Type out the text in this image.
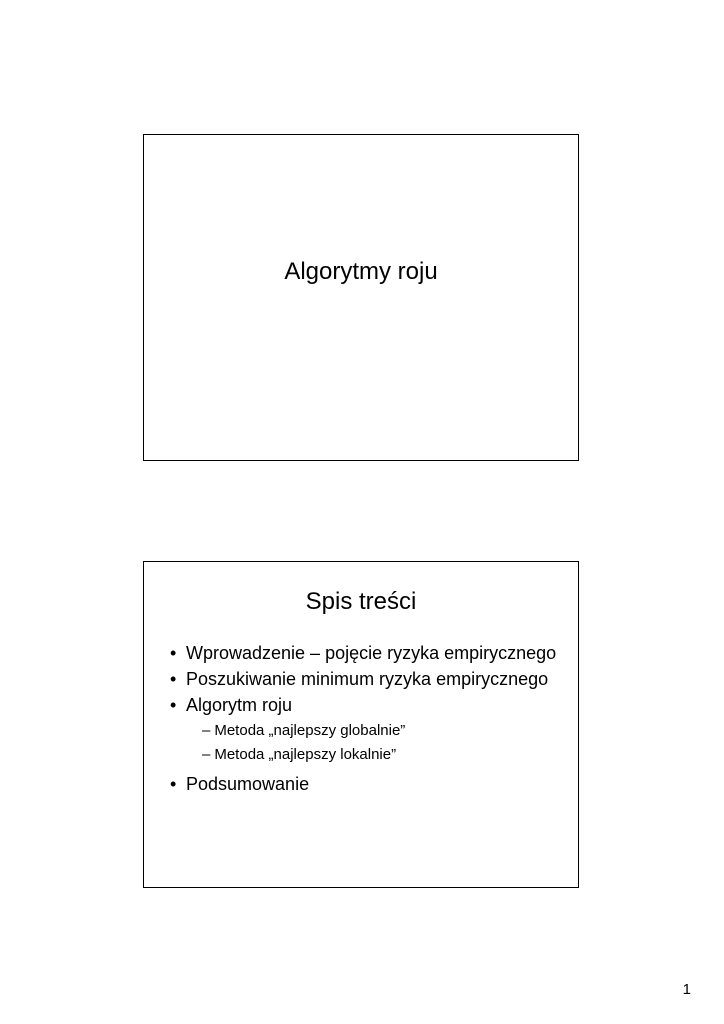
Algorytmy roju
Spis treści
• Wprowadzenie – pojęcie ryzyka empirycznego
• Poszukiwanie minimum ryzyka empirycznego
• Algorytm roju
– Metoda „najlepszy globalnie”
– Metoda „najlepszy lokalnie”
• Podsumowanie
1
